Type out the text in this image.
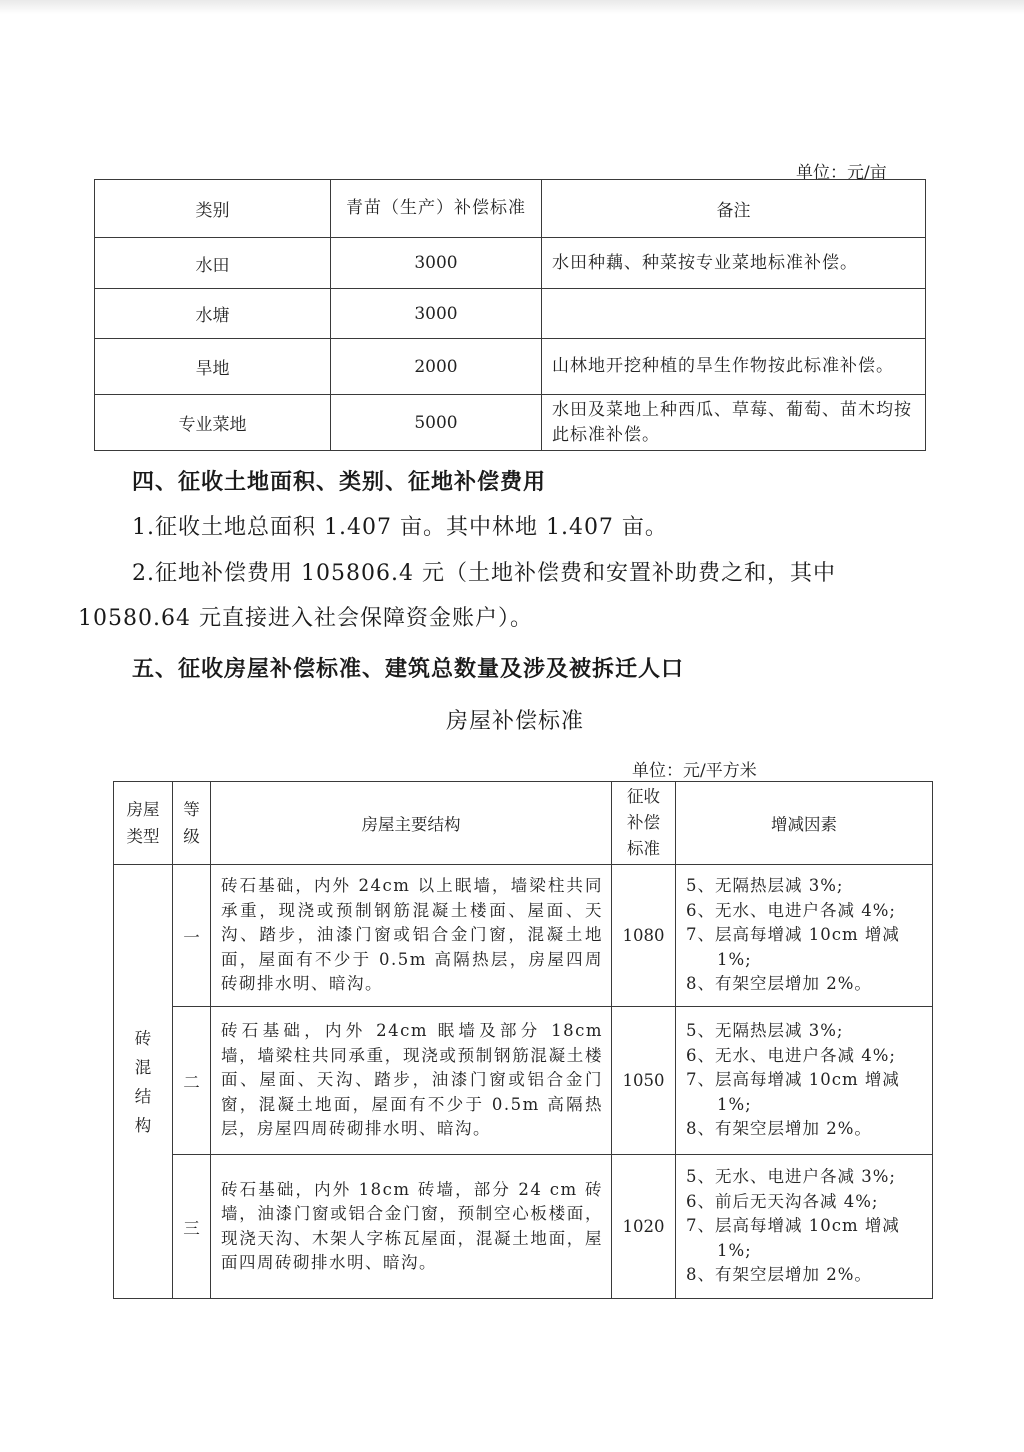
单位：元/亩
类别	青苗（生产）补偿标准	备注
水田	3000	水田种藕、种菜按专业菜地标准补偿。
水塘	3000	
旱地	2000	山林地开挖种植的旱生作物按此标准补偿。
专业菜地	5000	水田及菜地上种西瓜、草莓、葡萄、苗木均按此标准补偿。
四、征收土地面积、类别、征地补偿费用
1.征收土地总面积 1.407 亩。其中林地 1.407 亩。
2.征地补偿费用 105806.4 元（土地补偿费和安置补助费之和，其中
10580.64 元直接进入社会保障资金账户）。
五、征收房屋补偿标准、建筑总数量及涉及被拆迁人口
房屋补偿标准
单位：元/平方米
房屋类型	等级	房屋主要结构	征收补偿标准	增减因素
砖混结构	一	砖石基础，内外 24cm 以上眠墙，墙梁柱共同承重，现浇或预制钢筋混凝土楼面、屋面、天沟、踏步，油漆门窗或铝合金门窗，混凝土地面，屋面有不少于 0.5m 高隔热层，房屋四周砖砌排水明、暗沟。	1080	5、无隔热层减 3%;
6、无水、电进户各减 4%;
7、层高每增减 10cm 增减
1%;
8、有架空层增加 2%。

	二	砖石基础，内外 24cm 眠墙及部分 18cm 墙，墙梁柱共同承重，现浇或预制钢筋混凝土楼面、屋面、天沟、踏步，油漆门窗或铝合金门窗，混凝土地面，屋面有不少于 0.5m 高隔热层，房屋四周砖砌排水明、暗沟。	1050	5、无隔热层减 3%;
6、无水、电进户各减 4%;
7、层高每增减 10cm 增减
1%;
8、有架空层增加 2%。

	三	砖石基础，内外 18cm 砖墙，部分 24 cm 砖墙，油漆门窗或铝合金门窗，预制空心板楼面，现浇天沟、木架人字栋瓦屋面，混凝土地面，屋面四周砖砌排水明、暗沟。	1020	5、无水、电进户各减 3%;
6、前后无天沟各减 4%;
7、层高每增减 10cm 增减
1%;
8、有架空层增加 2%。
